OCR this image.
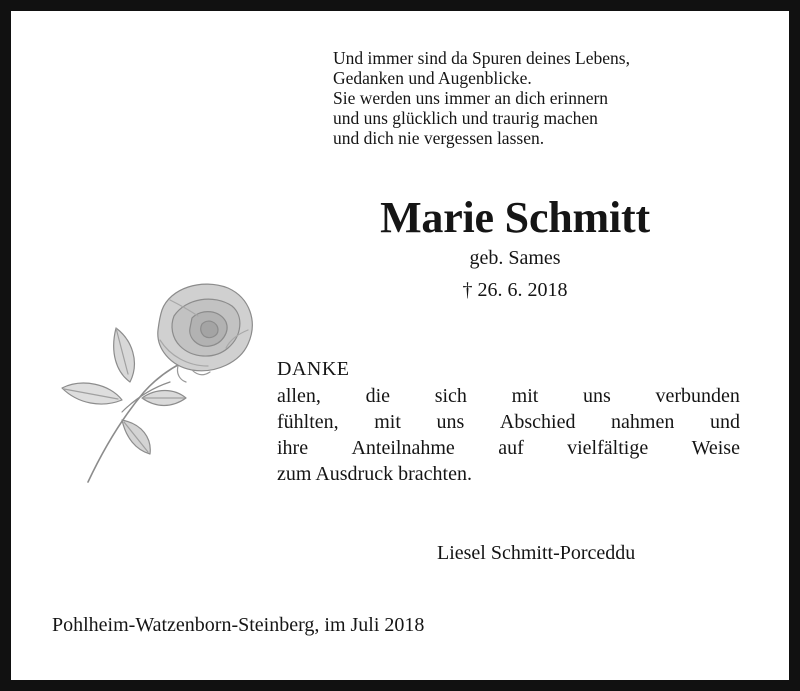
Und immer sind da Spuren deines Lebens,
Gedanken und Augenblicke.
Sie werden uns immer an dich erinnern
und uns glücklich und traurig machen
und dich nie vergessen lassen.
Marie Schmitt
geb. Sames
† 26. 6. 2018
DANKE
allen, die sich mit uns verbunden
fühlten, mit uns Abschied nahmen und
ihre Anteilnahme auf vielfältige Weise
zum Ausdruck brachten.
Liesel Schmitt-Porceddu
Pohlheim-Watzenborn-Steinberg, im Juli 2018
